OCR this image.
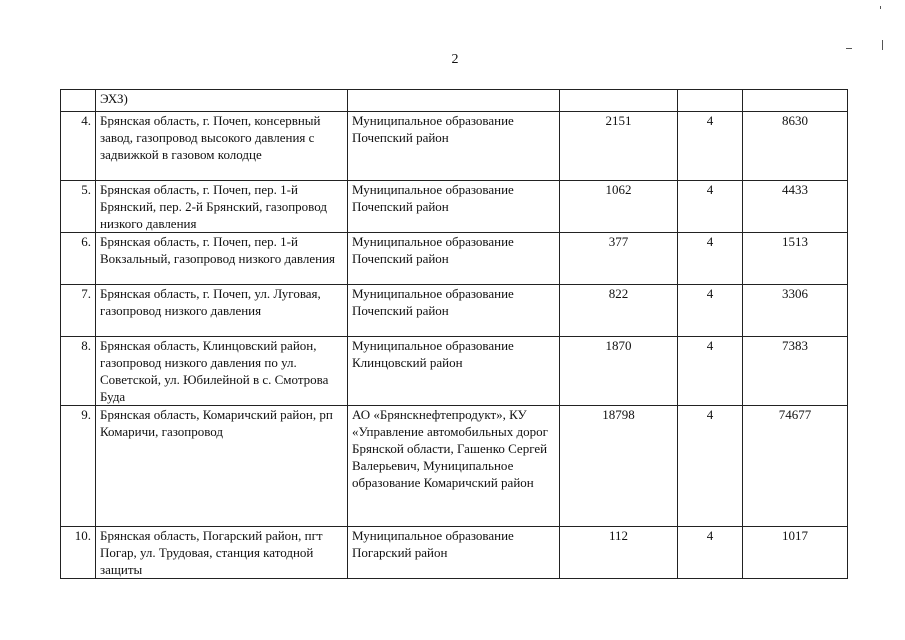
2
	ЭХЗ)				
4.	Брянская область, г. Почеп, консервный завод, газопровод высокого давления с задвижкой в газовом колодце	Муниципальное образование Почепский район	2151	4	8630
5.	Брянская область, г. Почеп, пер. 1-й Брянский, пер. 2-й Брянский, газопровод низкого давления	Муниципальное образование Почепский район	1062	4	4433
6.	Брянская область, г. Почеп, пер. 1-й Вокзальный, газопровод низкого давления	Муниципальное образование Почепский район	377	4	1513
7.	Брянская область, г. Почеп, ул. Луговая, газопровод низкого давления	Муниципальное образование Почепский район	822	4	3306
8.	Брянская область, Клинцовский район, газопровод низкого давления по ул. Советской, ул. Юбилейной в с. Смотрова Буда	Муниципальное образование Клинцовский район	1870	4	7383
9.	Брянская область, Комаричский район, рп Комаричи, газопровод	АО «Брянскнефтепродукт», КУ «Управление автомобильных дорог Брянской области, Гашенко Сергей Валерьевич, Муниципальное образование Комаричский район	18798	4	74677
10.	Брянская область, Погарский район, пгт Погар, ул. Трудовая, станция катодной защиты	Муниципальное образование Погарский район	112	4	1017
